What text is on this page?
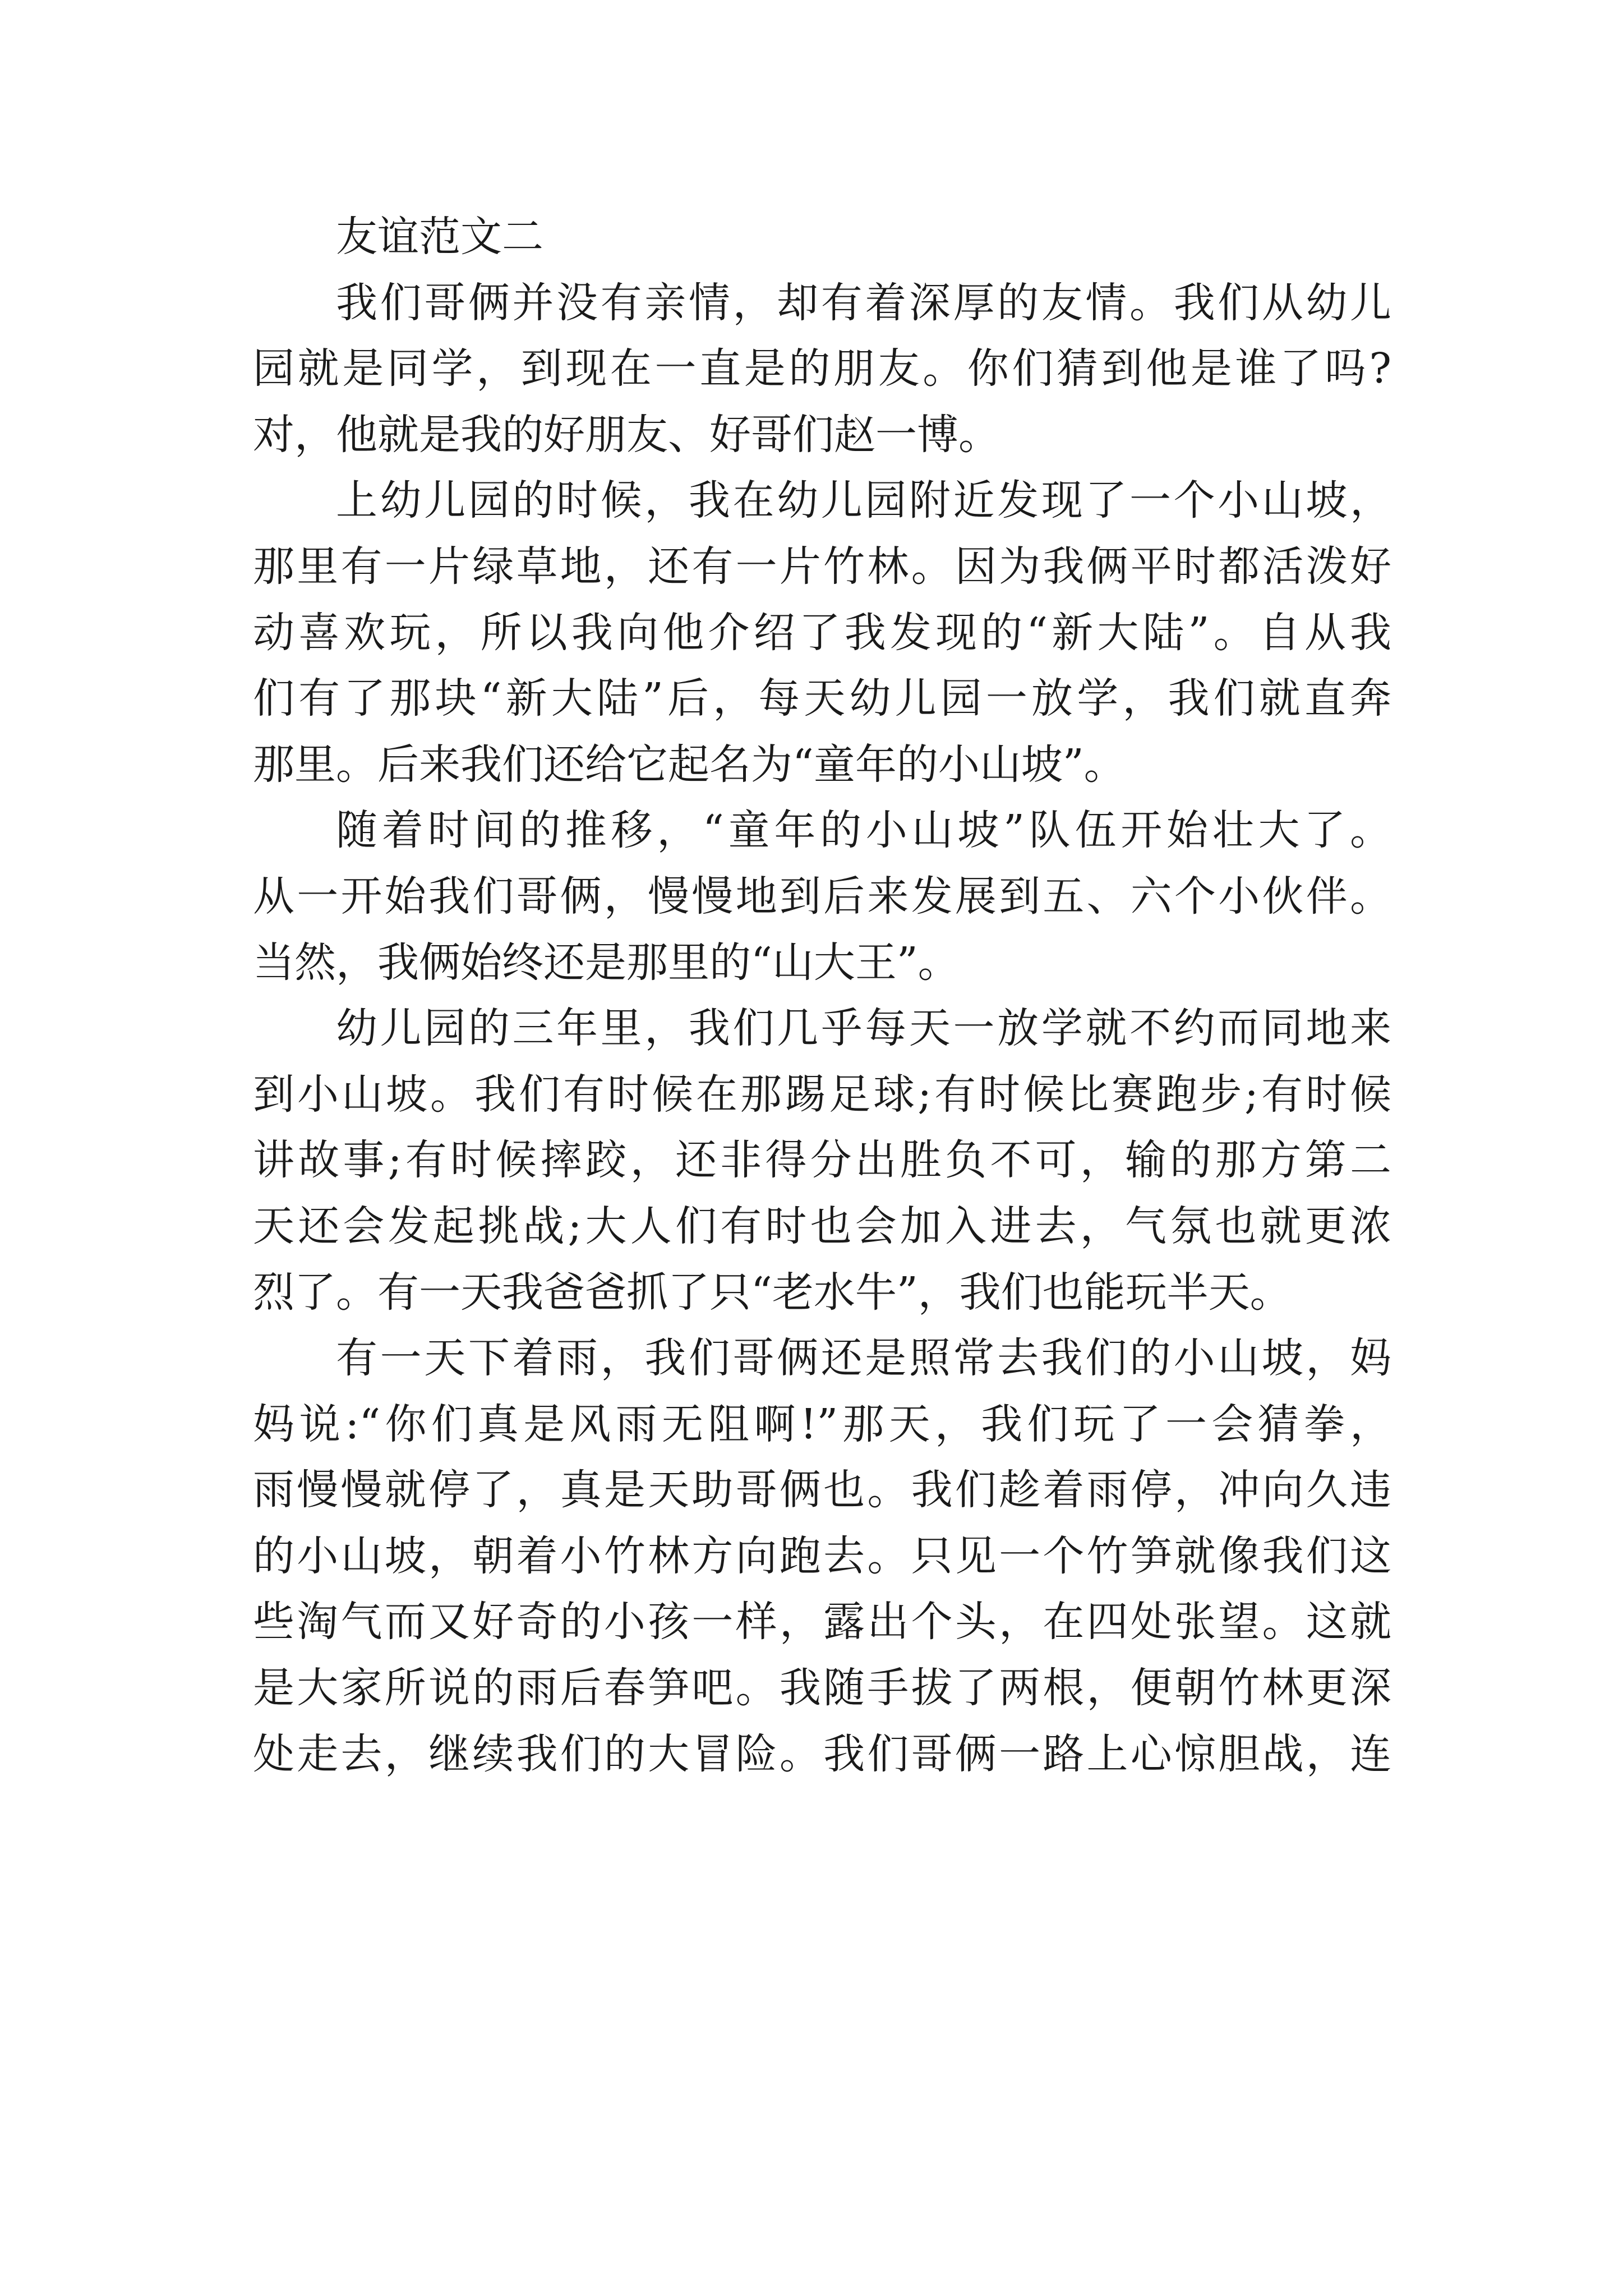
友谊范文二
我们哥俩并没有亲情，却有着深厚的友情。我们从幼儿
园就是同学，到现在一直是的朋友。你们猜到他是谁了吗?
对，他就是我的好朋友、好哥们赵一博。
上幼儿园的时候，我在幼儿园附近发现了一个小山坡，
那里有一片绿草地，还有一片竹林。因为我俩平时都活泼好
动喜欢玩，所以我向他介绍了我发现的“新大陆”。自从我
们有了那块“新大陆”后，每天幼儿园一放学，我们就直奔
那里。后来我们还给它起名为“童年的小山坡”。
随着时间的推移，“童年的小山坡”队伍开始壮大了。
从一开始我们哥俩，慢慢地到后来发展到五、六个小伙伴。
当然，我俩始终还是那里的“山大王”。
幼儿园的三年里，我们几乎每天一放学就不约而同地来
到小山坡。我们有时候在那踢足球;有时候比赛跑步;有时候
讲故事;有时候摔跤，还非得分出胜负不可，输的那方第二
天还会发起挑战;大人们有时也会加入进去，气氛也就更浓
烈了。有一天我爸爸抓了只“老水牛”，我们也能玩半天。
有一天下着雨，我们哥俩还是照常去我们的小山坡，妈
妈说:“你们真是风雨无阻啊!”那天，我们玩了一会猜拳，
雨慢慢就停了，真是天助哥俩也。我们趁着雨停，冲向久违
的小山坡，朝着小竹林方向跑去。只见一个竹笋就像我们这
些淘气而又好奇的小孩一样，露出个头，在四处张望。这就
是大家所说的雨后春笋吧。我随手拔了两根，便朝竹林更深
处走去，继续我们的大冒险。我们哥俩一路上心惊胆战，连
